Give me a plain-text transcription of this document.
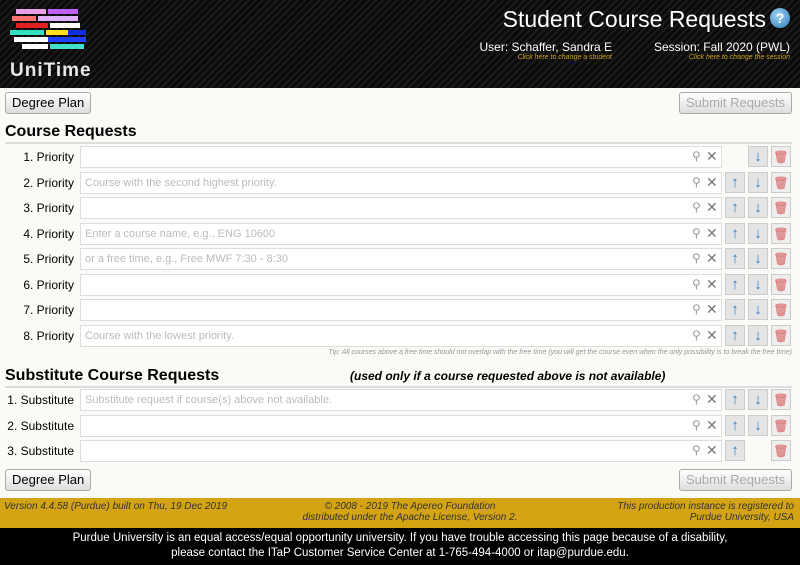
UniTime
Student Course Requests ?
User: Schaffer, Sandra E
Click here to change a student
Session: Fall 2020 (PWL)
Click here to change the session
Degree Plan	Submit Requests
Course Requests
1. Priority	⚲ ✕	↓ 🗑
2. Priority Course with the second highest priority.	⚲ ✕ ↑	↓ 🗑
3. Priority	⚲ ✕ ↑	↓ 🗑
4. Priority Enter a course name, e.g., ENG 10600	⚲ ✕ ↑	↓ 🗑
5. Priority or a free time, e.g., Free MWF 7:30 - 8:30	⚲ ✕ ↑	↓ 🗑
6. Priority	⚲ ✕ ↑	↓ 🗑
7. Priority	⚲ ✕ ↑	↓ 🗑
8. Priority Course with the lowest priority.	⚲ ✕ ↑	↓ 🗑
Tip: All courses above a free time should not overlap with the free time (you will get the course even when the only possibility is to break the free time)
Substitute Course Requests	(used only if a course requested above is not available)
1. Substitute Substitute request if course(s) above not available.	⚲ ✕ ↑	↓ 🗑
2. Substitute	⚲ ✕ ↑	↓ 🗑
3. Substitute	⚲ ✕ ↑	🗑
Degree Plan	Submit Requests
Version 4.4.58 (Purdue) built on Thu, 19 Dec 2019	© 2008 - 2019 The Apereo Foundation
distributed under the Apache License, Version 2.
This production instance is registered to
Purdue University, USA
Purdue University is an equal access/equal opportunity university. If you have trouble accessing this page because of a disability,
please contact the ITaP Customer Service Center at 1-765-494-4000 or itap@purdue.edu.
